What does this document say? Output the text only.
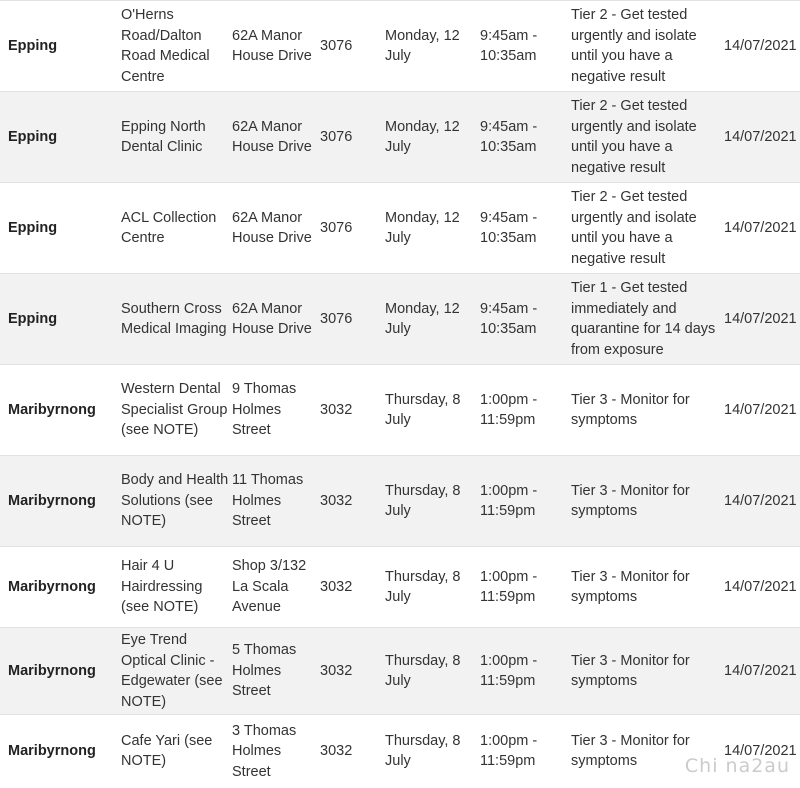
Epping	O'Herns Road/Dalton Road Medical Centre	62A Manor House Drive	3076	Monday, 12 July	9:45am - 10:35am	Tier 2 - Get tested urgently and isolate until you have a negative result	14/07/2021
Epping	Epping North Dental Clinic	62A Manor House Drive	3076	Monday, 12 July	9:45am - 10:35am	Tier 2 - Get tested urgently and isolate until you have a negative result	14/07/2021
Epping	ACL Collection Centre	62A Manor House Drive	3076	Monday, 12 July	9:45am - 10:35am	Tier 2 - Get tested urgently and isolate until you have a negative result	14/07/2021
Epping	Southern Cross Medical Imaging	62A Manor House Drive	3076	Monday, 12 July	9:45am - 10:35am	Tier 1 - Get tested immediately and quarantine for 14 days from exposure	14/07/2021
Maribyrnong	Western Dental Specialist Group (see NOTE)	9 Thomas Holmes Street	3032	Thursday, 8 July	1:00pm - 11:59pm	Tier 3 - Monitor for symptoms	14/07/2021
Maribyrnong	Body and Health Solutions (see NOTE)	11 Thomas Holmes Street	3032	Thursday, 8 July	1:00pm - 11:59pm	Tier 3 - Monitor for symptoms	14/07/2021
Maribyrnong	Hair 4 U Hairdressing (see NOTE)	Shop 3/132 La Scala Avenue	3032	Thursday, 8 July	1:00pm - 11:59pm	Tier 3 - Monitor for symptoms	14/07/2021
Maribyrnong	Eye Trend Optical Clinic - Edgewater (see NOTE)	5 Thomas Holmes Street	3032	Thursday, 8 July	1:00pm - 11:59pm	Tier 3 - Monitor for symptoms	14/07/2021
Maribyrnong	Cafe Yari (see NOTE)	3 Thomas Holmes Street	3032	Thursday, 8 July	1:00pm - 11:59pm	Tier 3 - Monitor for symptoms	14/07/2021
Chi na2au
